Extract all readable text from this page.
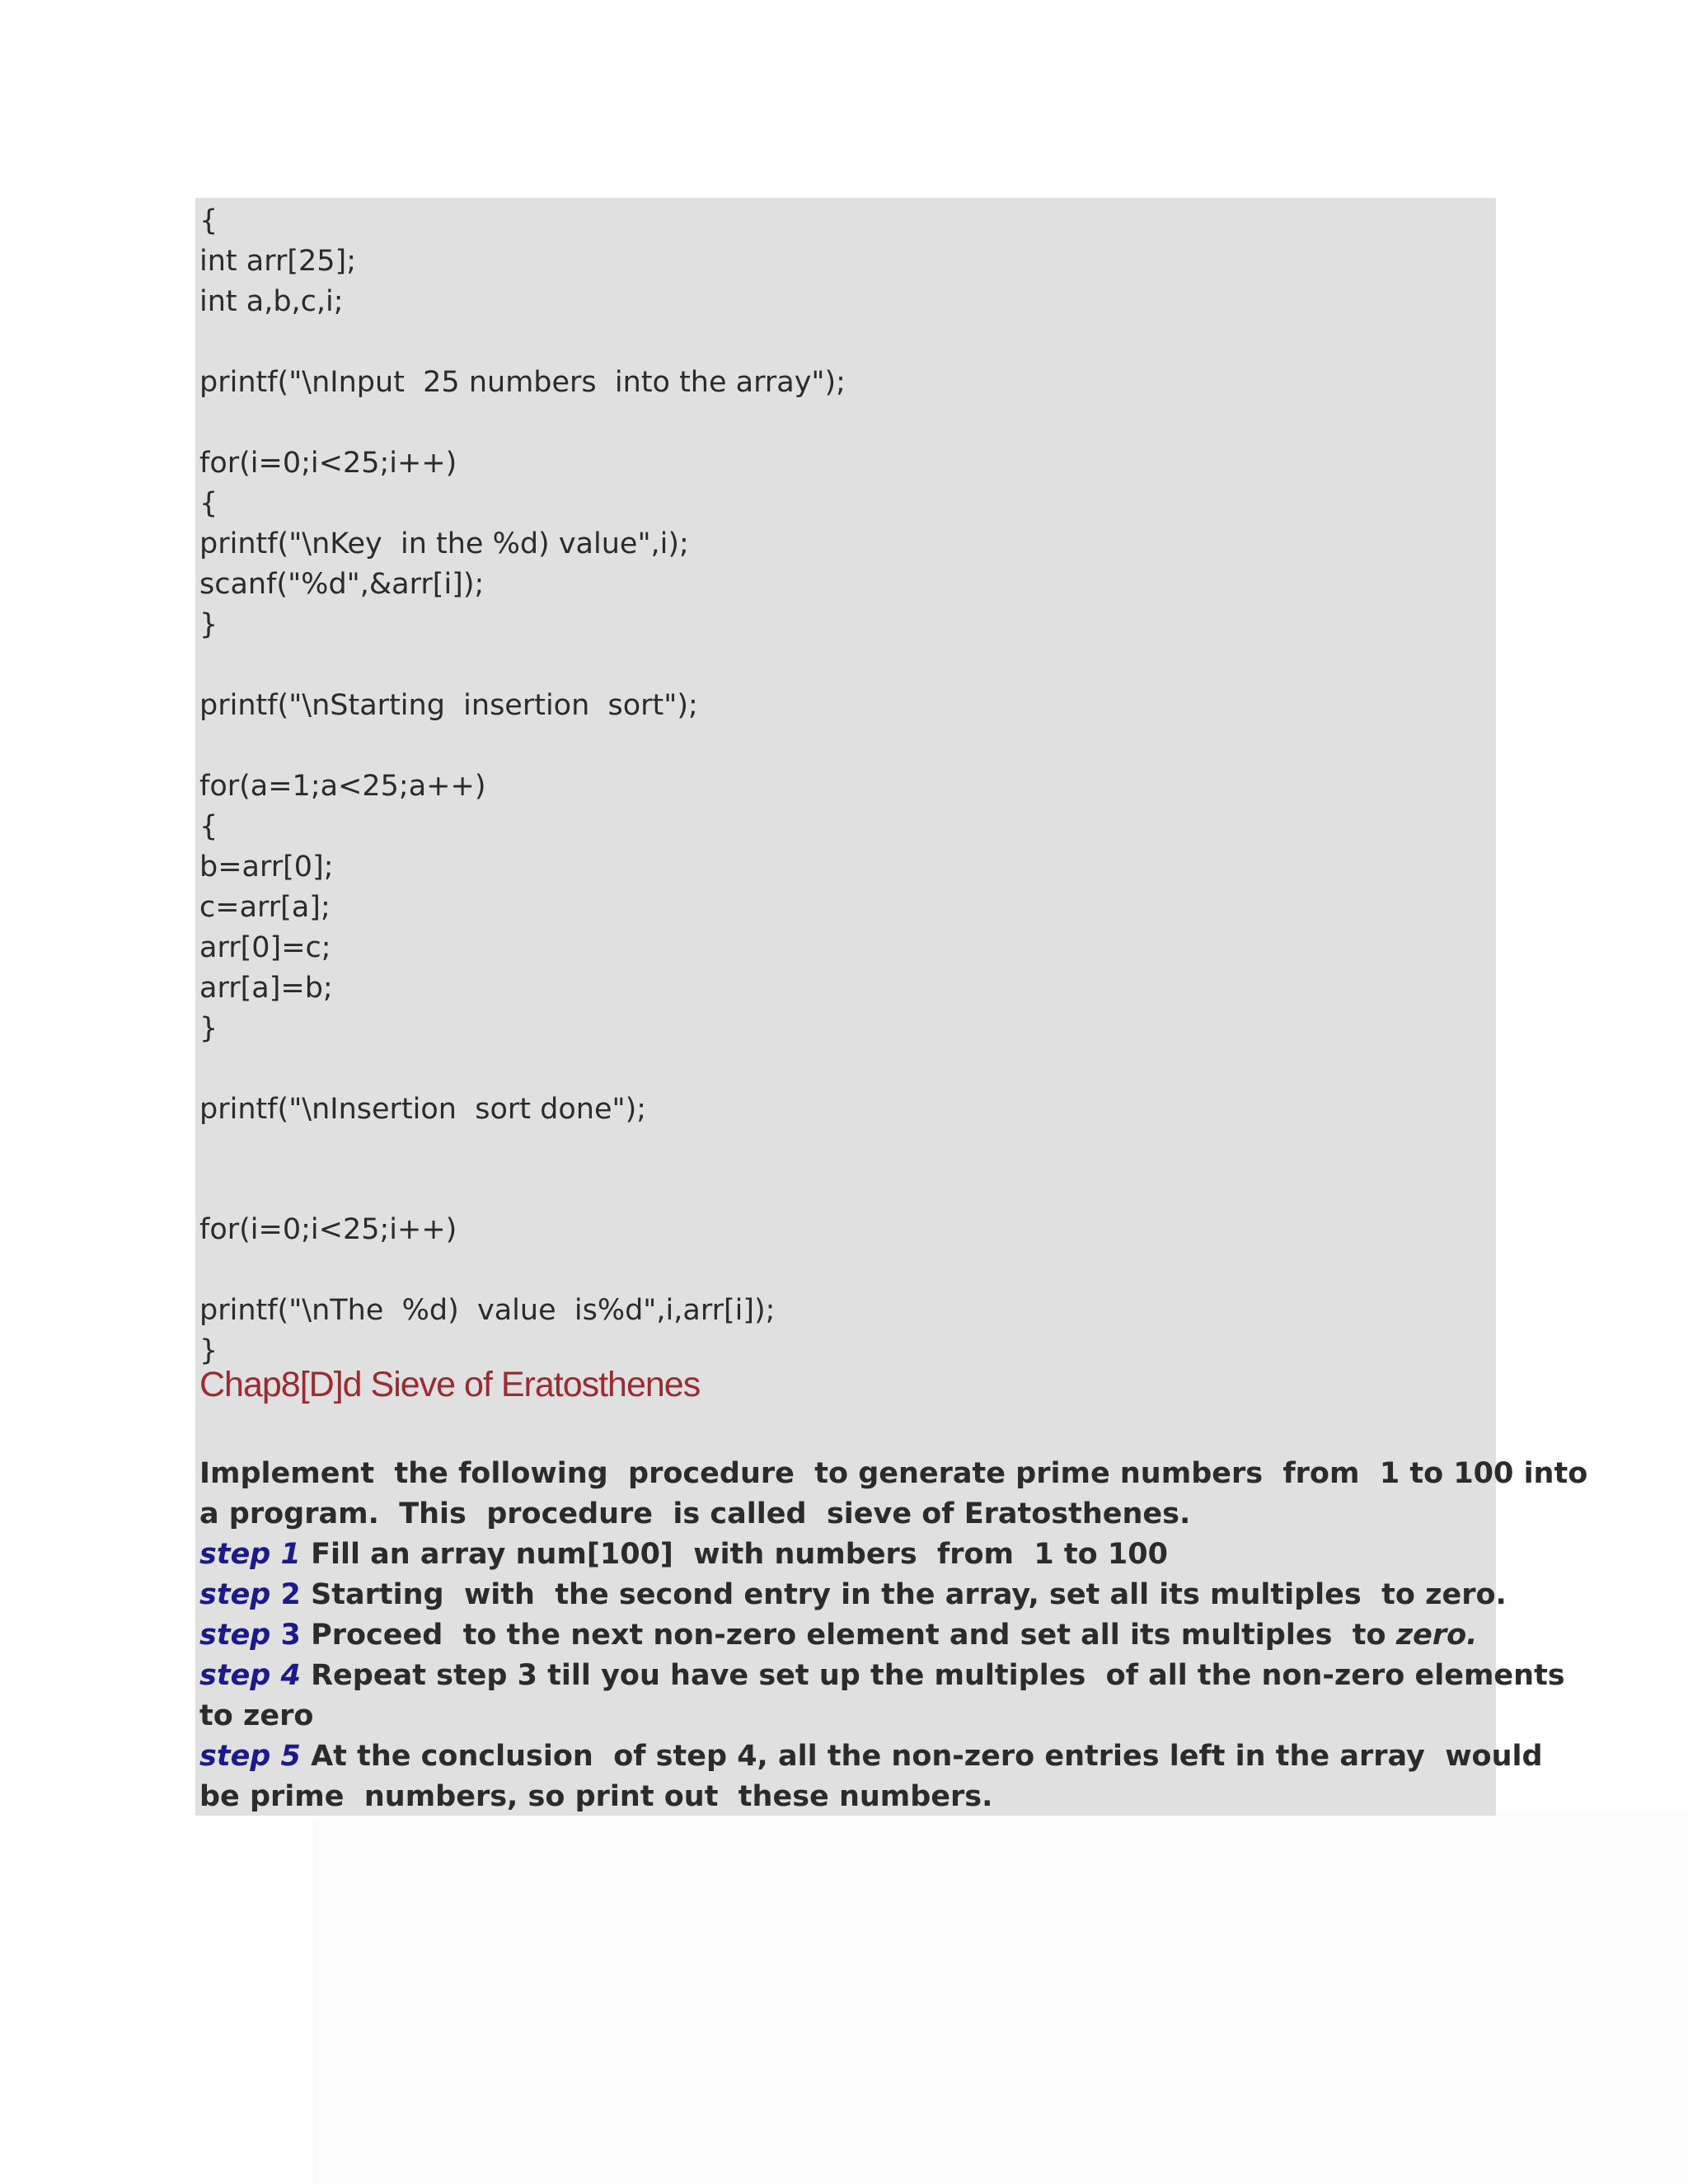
{
int arr[25];
int a,b,c,i;
printf("\nInput  25 numbers  into the array");
for(i=0;i<25;i++)
{
printf("\nKey  in the %d) value",i);
scanf("%d",&arr[i]);
}
printf("\nStarting  insertion  sort");
for(a=1;a<25;a++)
{
b=arr[0];
c=arr[a];
arr[0]=c;
arr[a]=b;
}
printf("\nInsertion  sort done");
for(i=0;i<25;i++)
printf("\nThe  %d)  value  is%d",i,arr[i]);
}
Chap8[D]d Sieve of Eratosthenes
Implement  the following  procedure  to generate prime numbers  from  1 to 100 into
a program.  This  procedure  is called  sieve of Eratosthenes.
step 1 Fill an array num[100]  with numbers  from  1 to 100
step 2 Starting  with  the second entry in the array, set all its multiples  to zero.
step 3 Proceed  to the next non-zero element and set all its multiples  to zero.
step 4 Repeat step 3 till you have set up the multiples  of all the non-zero elements
to zero
step 5 At the conclusion  of step 4, all the non-zero entries left in the array  would
be prime  numbers, so print out  these numbers.
